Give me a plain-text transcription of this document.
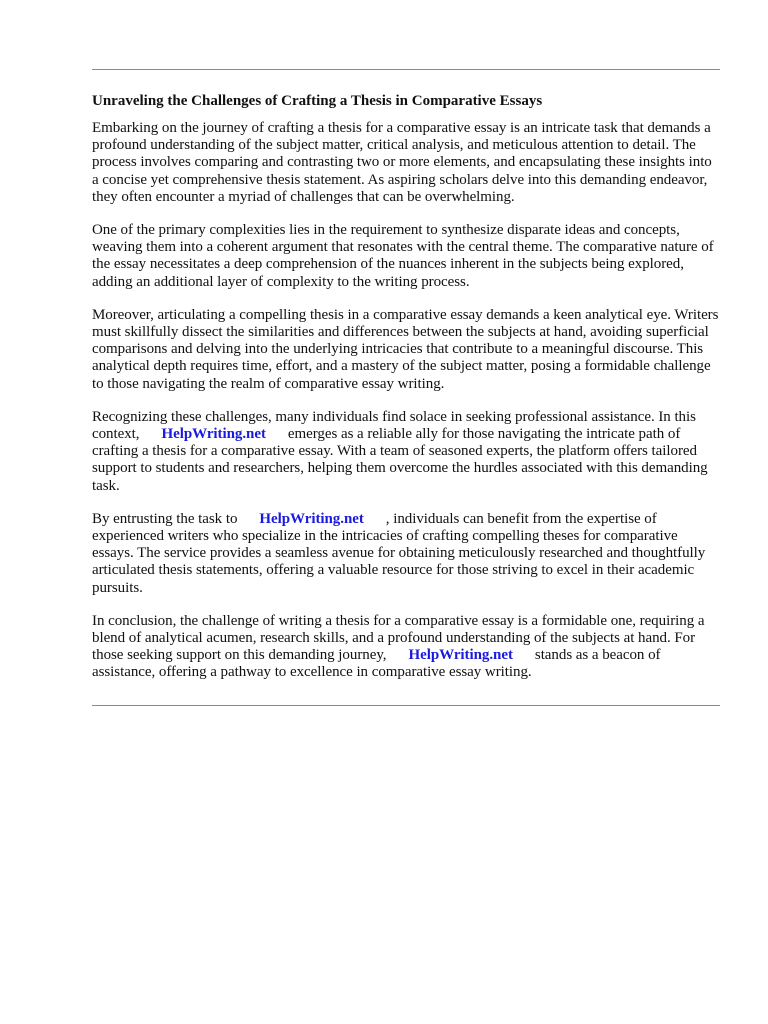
Unraveling the Challenges of Crafting a Thesis in Comparative Essays

Embarking on the journey of crafting a thesis for a comparative essay is an intricate task that demands a profound understanding of the subject matter, critical analysis, and meticulous attention to detail. The process involves comparing and contrasting two or more elements, and encapsulating these insights into a concise yet comprehensive thesis statement. As aspiring scholars delve into this demanding endeavor, they often encounter a myriad of challenges that can be overwhelming.

One of the primary complexities lies in the requirement to synthesize disparate ideas and concepts, weaving them into a coherent argument that resonates with the central theme. The comparative nature of the essay necessitates a deep comprehension of the nuances inherent in the subjects being explored, adding an additional layer of complexity to the writing process.

Moreover, articulating a compelling thesis in a comparative essay demands a keen analytical eye. Writers must skillfully dissect the similarities and differences between the subjects at hand, avoiding superficial comparisons and delving into the underlying intricacies that contribute to a meaningful discourse. This analytical depth requires time, effort, and a mastery of the subject matter, posing a formidable challenge to those navigating the realm of comparative essay writing.

Recognizing these challenges, many individuals find solace in seeking professional assistance. In this context, HelpWriting.net emerges as a reliable ally for those navigating the intricate path of crafting a thesis for a comparative essay. With a team of seasoned experts, the platform offers tailored support to students and researchers, helping them overcome the hurdles associated with this demanding task.

By entrusting the task to HelpWriting.net , individuals can benefit from the expertise of experienced writers who specialize in the intricacies of crafting compelling theses for comparative essays. The service provides a seamless avenue for obtaining meticulously researched and thoughtfully articulated thesis statements, offering a valuable resource for those striving to excel in their academic pursuits.

In conclusion, the challenge of writing a thesis for a comparative essay is a formidable one, requiring a blend of analytical acumen, research skills, and a profound understanding of the subjects at hand. For those seeking support on this demanding journey, HelpWriting.net stands as a beacon of assistance, offering a pathway to excellence in comparative essay writing.
